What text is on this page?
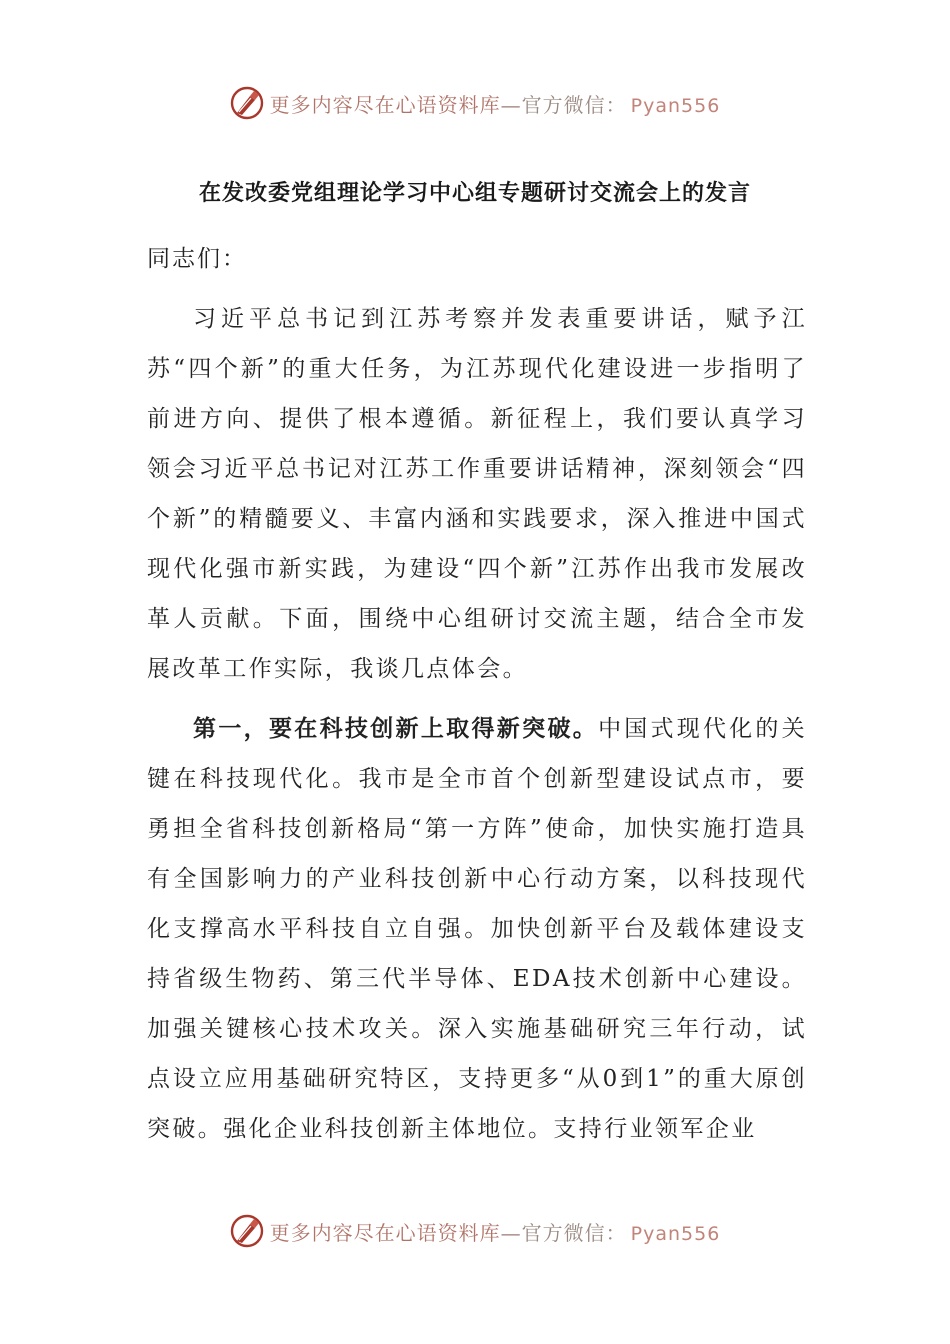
更多内容尽在心语资料库—官方微信： Pyan556
在发改委党组理论学习中心组专题研讨交流会上的发言
同志们：

习近平总书记到江苏考察并发表重要讲话，赋予江苏“四个新”的重大任务，为江苏现代化建设进一步指明了前进方向、提供了根本遵循。新征程上，我们要认真学习领会习近平总书记对江苏工作重要讲话精神，深刻领会“四个新”的精髓要义、丰富内涵和实践要求，深入推进中国式现代化强市新实践，为建设“四个新”江苏作出我市发展改革人贡献。下面，围绕中心组研讨交流主题，结合全市发展改革工作实际，我谈几点体会。

第一，要在科技创新上取得新突破。中国式现代化的关键在科技现代化。我市是全市首个创新型建设试点市，要勇担全省科技创新格局“第一方阵”使命，加快实施打造具有全国影响力的产业科技创新中心行动方案，以科技现代化支撑高水平科技自立自强。加快创新平台及载体建设支持省级生物药、第三代半导体、EDA技术创新中心建设。加强关键核心技术攻关。深入实施基础研究三年行动，试点设立应用基础研究特区，支持更多“从0到1”的重大原创突破。强化企业科技创新主体地位。支持行业领军企业

更多内容尽在心语资料库—官方微信： Pyan556
